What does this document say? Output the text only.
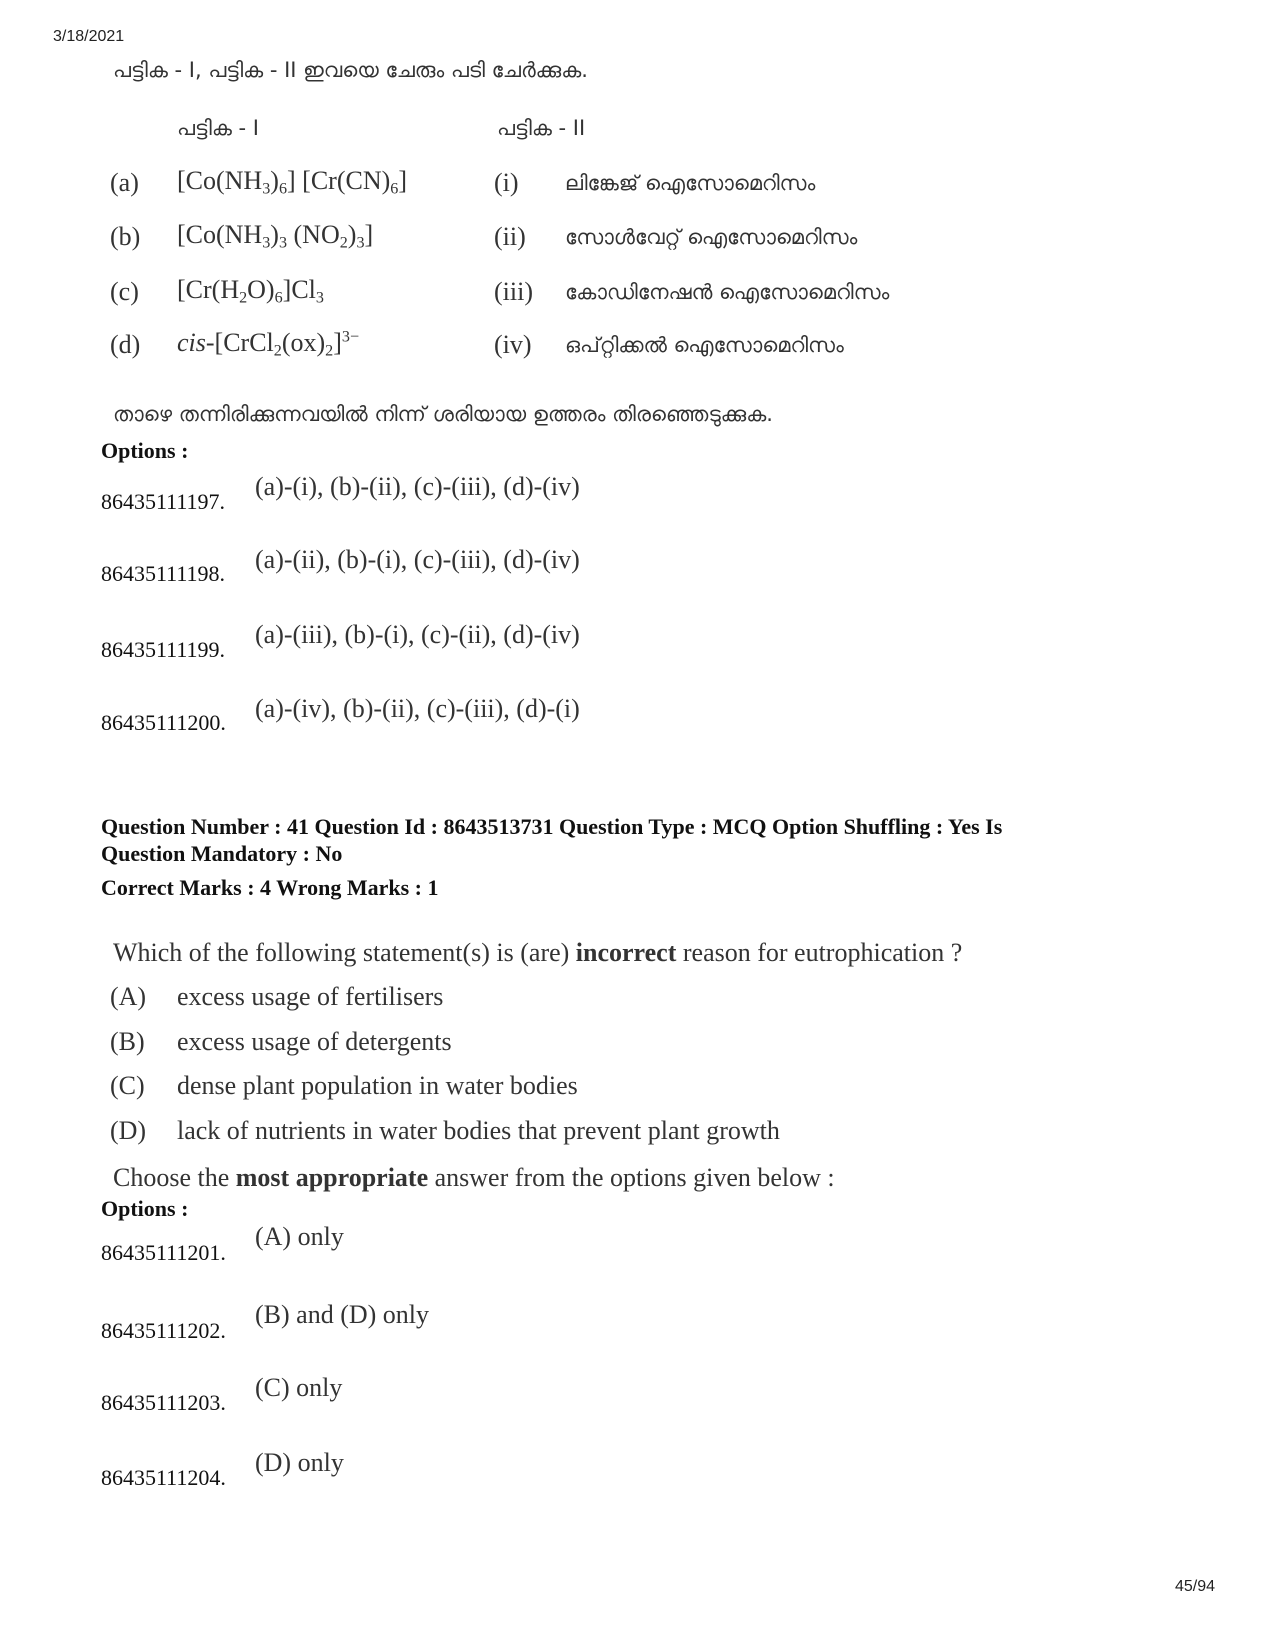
3/18/2021
പട്ടിക - I, പട്ടിക - II ഇവയെ ചേരും പടി ചേർക്കുക.
പട്ടിക - I	പട്ടിക - II
(a) $[Co(NH_3)_6]$ $[Cr(CN)_6]$	(i) ലിങ്കേജ് ഐസോമെറിസം
(b) [$Co(NH_3)_3$ $(NO_2)_3$]	(ii) സോൾവേറ്റ് ഐസോമെറിസം
(c) $[Cr(H_2O)_6]Cl_3$	(iii) കോഡിനേഷൻ ഐസോമെറിസം
(d) cis-$[CrCl_2(ox)_2]^{3-}$	(iv) ഒപ്റ്റിക്കൽ ഐസോമെറിസം
താഴെ തന്നിരിക്കുന്നവയിൽ നിന്ന് ശരിയായ ഉത്തരം തിരഞ്ഞെടുക്കുക.
Options :
86435111197.
(a)-(i), (b)-(ii), (c)-(iii), (d)-(iv)
86435111198. (a)-(ii), (b)-(i), (c)-(iii), (d)-(iv)
86435111199.
(a)-(iii), (b)-(i), (c)-(ii), (d)-(iv)
86435111200. (a)-(iv), (b)-(ii), (c)-(iii), (d)-(i)
Question Number : 41 Question Id : 8643513731 Question Type : MCQ Option Shuffling : Yes Is
Question Mandatory : No
Correct Marks : 4 Wrong Marks : 1
Which of the following statement(s) is (are) incorrect reason for eutrophication ?
(A) excess usage of fertilisers
(B) excess usage of detergents
(C) dense plant population in water bodies
(D) lack of nutrients in water bodies that prevent plant growth
Choose the most appropriate answer from the options given below :
Options :
86435111201.
(A) only
86435111202.
(B) and (D) only
86435111203.
(C) only
86435111204.
(D) only
45/94
